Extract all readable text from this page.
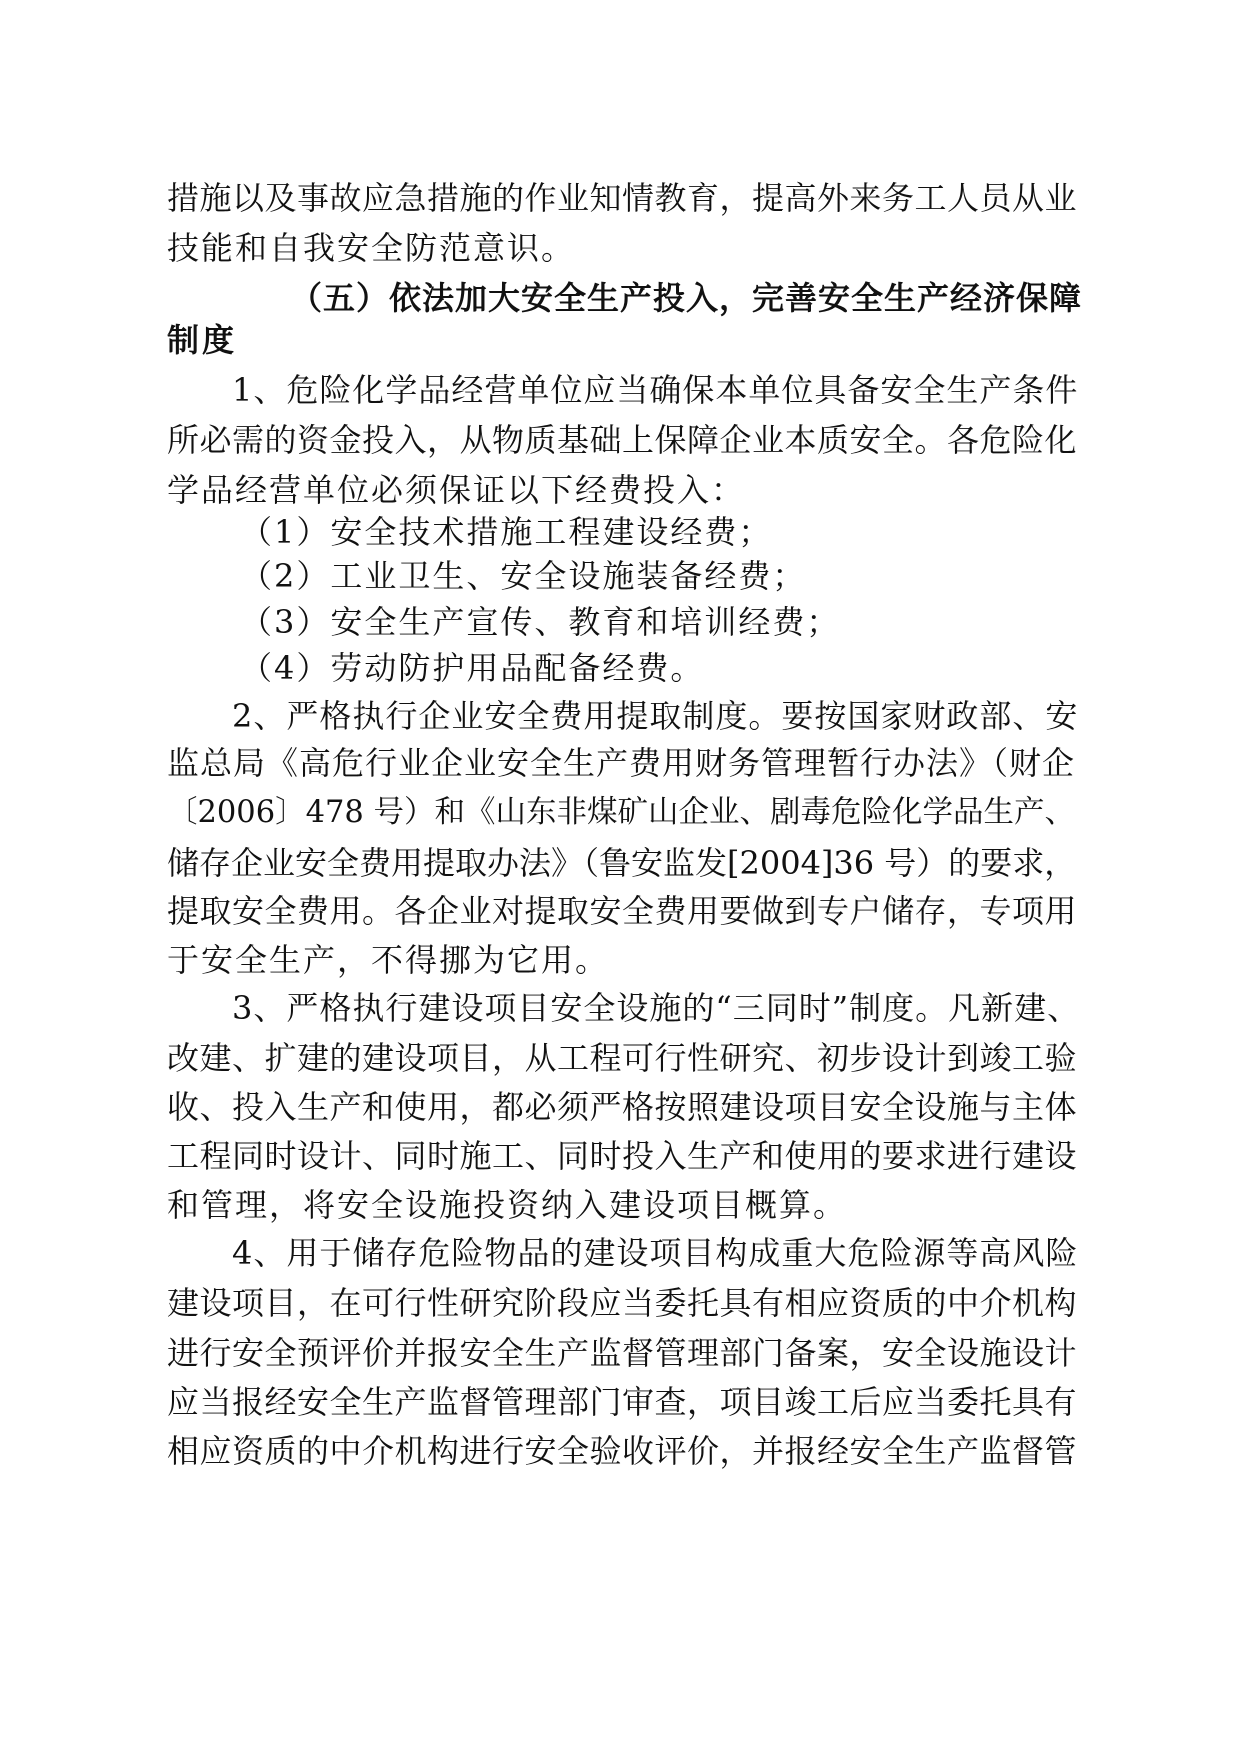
措施以及事故应急措施的作业知情教育，提高外来务工人员从业
技能和自我安全防范意识。
（五）依法加大安全生产投入，完善安全生产经济保障
制度
1、危险化学品经营单位应当确保本单位具备安全生产条件
所必需的资金投入，从物质基础上保障企业本质安全。各危险化
学品经营单位必须保证以下经费投入：
（1）安全技术措施工程建设经费；
（2）工业卫生、安全设施装备经费；
（3）安全生产宣传、教育和培训经费；
（4）劳动防护用品配备经费。
2、严格执行企业安全费用提取制度。要按国家财政部、安
监总局《高危行业企业安全生产费用财务管理暂行办法》（财企
〔2006〕478 号）和《山东非煤矿山企业、剧毒危险化学品生产、
储存企业安全费用提取办法》（鲁安监发[2004]36 号）的要求，
提取安全费用。各企业对提取安全费用要做到专户储存，专项用
于安全生产，不得挪为它用。
3、严格执行建设项目安全设施的“三同时”制度。凡新建、
改建、扩建的建设项目，从工程可行性研究、初步设计到竣工验
收、投入生产和使用，都必须严格按照建设项目安全设施与主体
工程同时设计、同时施工、同时投入生产和使用的要求进行建设
和管理，将安全设施投资纳入建设项目概算。
4、用于储存危险物品的建设项目构成重大危险源等高风险
建设项目，在可行性研究阶段应当委托具有相应资质的中介机构
进行安全预评价并报安全生产监督管理部门备案，安全设施设计
应当报经安全生产监督管理部门审查，项目竣工后应当委托具有
相应资质的中介机构进行安全验收评价，并报经安全生产监督管
